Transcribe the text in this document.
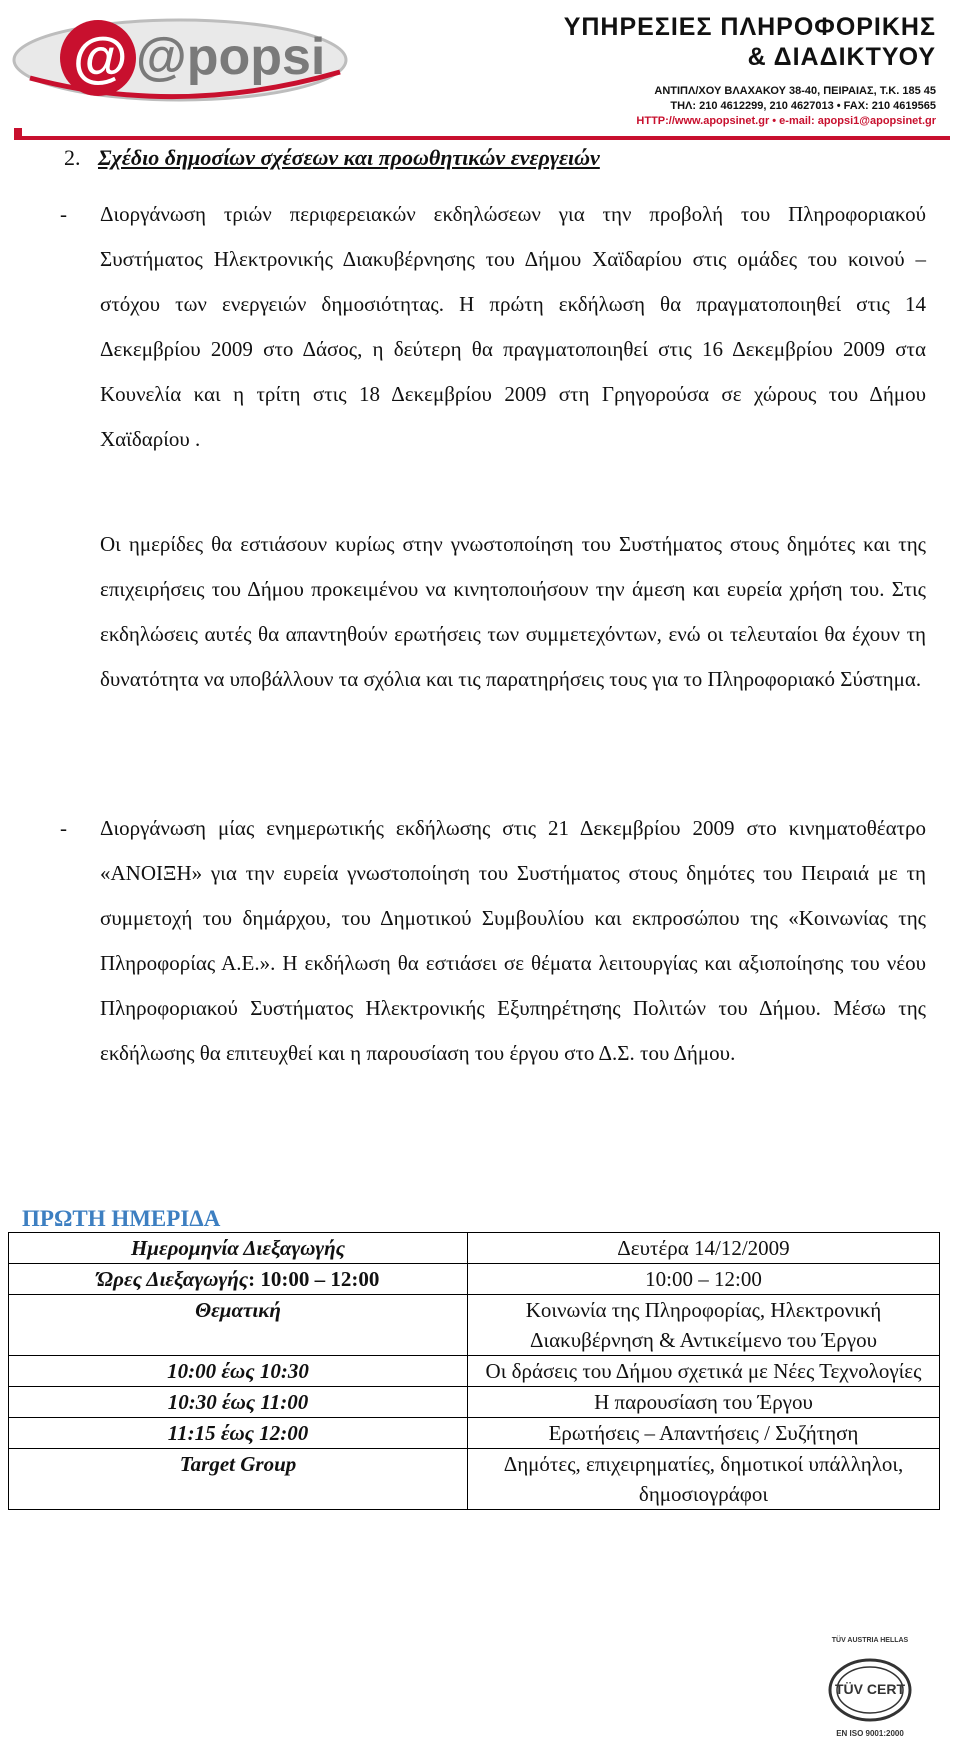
@ @popsi
ΥΠΗΡΕΣΙΕΣ ΠΛΗΡΟΦΟΡΙΚΗΣ
& ΔΙΑΔΙΚΤΥΟΥ
ΑΝΤΙΠΛ/ΧΟΥ ΒΛΑΧΑΚΟΥ 38-40, ΠΕΙΡΑΙΑΣ, Τ.Κ. 185 45
ΤΗΛ: 210 4612299, 210 4627013 • FAX: 210 4619565
HTTP://www.apopsinet.gr • e-mail: apopsi1@apopsinet.gr
2. Σχέδιο δημοσίων σχέσεων και προωθητικών ενεργειών

- Διοργάνωση τριών περιφερειακών εκδηλώσεων για την προβολή του Πληροφοριακού Συστήματος Ηλεκτρονικής Διακυβέρνησης του Δήμου Χαϊδαρίου στις ομάδες του κοινού – στόχου των ενεργειών δημοσιότητας. Η πρώτη εκδήλωση θα πραγματοποιηθεί στις 14 Δεκεμβρίου 2009 στο Δάσος, η δεύτερη θα πραγματοποιηθεί στις 16 Δεκεμβρίου 2009 στα Κουνελία και η τρίτη στις 18 Δεκεμβρίου 2009 στη Γρηγορούσα σε χώρους του Δήμου Χαϊδαρίου .

Οι ημερίδες θα εστιάσουν κυρίως στην γνωστοποίηση του Συστήματος στους δημότες και της επιχειρήσεις του Δήμου προκειμένου να κινητοποιήσουν την άμεση και ευρεία χρήση του. Στις εκδηλώσεις αυτές θα απαντηθούν ερωτήσεις των συμμετεχόντων, ενώ οι τελευταίοι θα έχουν τη δυνατότητα να υποβάλλουν τα σχόλια και τις παρατηρήσεις τους για το Πληροφοριακό Σύστημα.

- Διοργάνωση μίας ενημερωτικής εκδήλωσης στις 21 Δεκεμβρίου 2009 στο κινηματοθέατρο «ΑΝΟΙΞΗ» για την ευρεία γνωστοποίηση του Συστήματος στους δημότες του Πειραιά με τη συμμετοχή του δημάρχου, του Δημοτικού Συμβουλίου και εκπροσώπου της «Κοινωνίας της Πληροφορίας Α.Ε.». Η εκδήλωση θα εστιάσει σε θέματα λειτουργίας και αξιοποίησης του νέου Πληροφοριακού Συστήματος Ηλεκτρονικής Εξυπηρέτησης Πολιτών του Δήμου. Μέσω της εκδήλωσης θα επιτευχθεί και η παρουσίαση του έργου στο Δ.Σ. του Δήμου.

ΠΡΩΤΗ ΗΜΕΡΙΔΑ
Ημερομηνία Διεξαγωγής	Δευτέρα 14/12/2009
Ώρες Διεξαγωγής: 10:00 – 12:00	10:00 – 12:00
Θεματική	Κοινωνία της Πληροφορίας, Ηλεκτρονική Διακυβέρνηση & Αντικείμενο του Έργου
10:00 έως 10:30	Οι δράσεις του Δήμου σχετικά με Νέες Τεχνολογίες
10:30 έως 11:00	Η παρουσίαση του Έργου
11:15 έως 12:00	Ερωτήσεις – Απαντήσεις / Συζήτηση
Target Group	Δημότες, επιχειρηματίες, δημοτικοί υπάλληλοι, δημοσιογράφοι
TÜV AUSTRIA HELLAS
TÜV CERT
EN ISO 9001:2000
